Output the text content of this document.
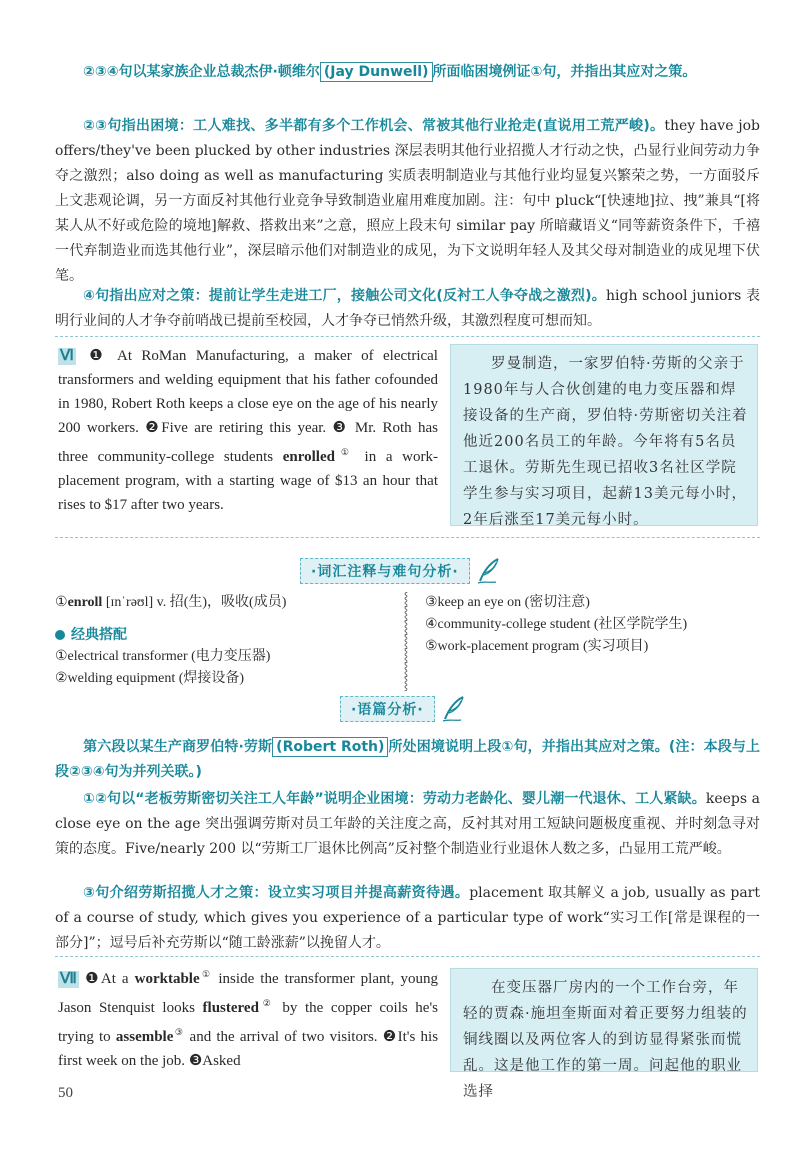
②③④句以某家族企业总裁杰伊·顿维尔 (Jay Dunwell) 所面临困境例证①句，并指出其应对之策。
②③句指出困境：工人难找、多半都有多个工作机会、常被其他行业抢走(直说用工荒严峻)。they have job offers/they've been plucked by other industries 深层表明其他行业招揽人才行动之快，凸显行业间劳动力争夺之激烈；also doing as well as manufacturing 实质表明制造业与其他行业均显复兴繁荣之势，一方面驳斥上文悲观论调，另一方面反衬其他行业竞争导致制造业雇用难度加剧。注：句中 pluck“[快速地]拉、拽”兼具“[将某人从不好或危险的境地]解救、搭救出来”之意，照应上段末句 similar pay 所暗藏语义“同等薪资条件下，千禧一代弃制造业而选其他行业”，深层暗示他们对制造业的成见，为下文说明年轻人及其父母对制造业的成见埋下伏笔。
④句指出应对之策：提前让学生走进工厂，接触公司文化(反衬工人争夺战之激烈)。high school juniors 表明行业间的人才争夺前哨战已提前至校园，人才争夺已悄然升级，其激烈程度可想而知。
Ⅵ ❶ At RoMan Manufacturing, a maker of electrical transformers and welding equipment that his father cofounded in 1980, Robert Roth keeps a close eye on the age of his nearly 200 workers. ❷Five are retiring this year. ❸ Mr. Roth has three community-college students enrolled① in a work-placement program, with a starting wage of $13 an hour that rises to $17 after two years.
罗曼制造，一家罗伯特·劳斯的父亲于1980年与人合伙创建的电力变压器和焊接设备的生产商，罗伯特·劳斯密切关注着他近200名员工的年龄。今年将有5名员工退休。劳斯先生现已招收3名社区学院学生参与实习项目，起薪13美元每小时，2年后涨至17美元每小时。
·词汇注释与难句分析·
①enroll [ɪnˈrəʊl] v. 招(生)，吸收(成员)
经典搭配
①electrical transformer (电力变压器)
②welding equipment (焊接设备)
⸾
⸾
⸾
⸾
⸾
⸾
⸾
③keep an eye on (密切注意)
④community-college student (社区学院学生)
⑤work-placement program (实习项目)
·语篇分析·
第六段以某生产商罗伯特·劳斯 (Robert Roth) 所处困境说明上段①句，并指出其应对之策。(注：本段与上段②③④句为并列关联。)
①②句以“老板劳斯密切关注工人年龄”说明企业困境：劳动力老龄化、婴儿潮一代退休、工人紧缺。keeps a close eye on the age 突出强调劳斯对员工年龄的关注度之高，反衬其对用工短缺问题极度重视、并时刻急寻对策的态度。Five/nearly 200 以“劳斯工厂退休比例高”反衬整个制造业行业退休人数之多，凸显用工荒严峻。
③句介绍劳斯招揽人才之策：设立实习项目并提高薪资待遇。placement 取其解义 a job, usually as part of a course of study, which gives you experience of a particular type of work“实习工作[常是课程的一部分]”；逗号后补充劳斯以“随工龄涨薪”以挽留人才。
Ⅶ ❶At a worktable① inside the transformer plant, young Jason Stenquist looks flustered② by the copper coils he's trying to assemble③ and the arrival of two visitors. ❷It's his first week on the job. ❸Asked
在变压器厂房内的一个工作台旁，年轻的贾森·施坦奎斯面对着正要努力组装的铜线圈以及两位客人的到访显得紧张而慌乱。这是他工作的第一周。问起他的职业选择
50
